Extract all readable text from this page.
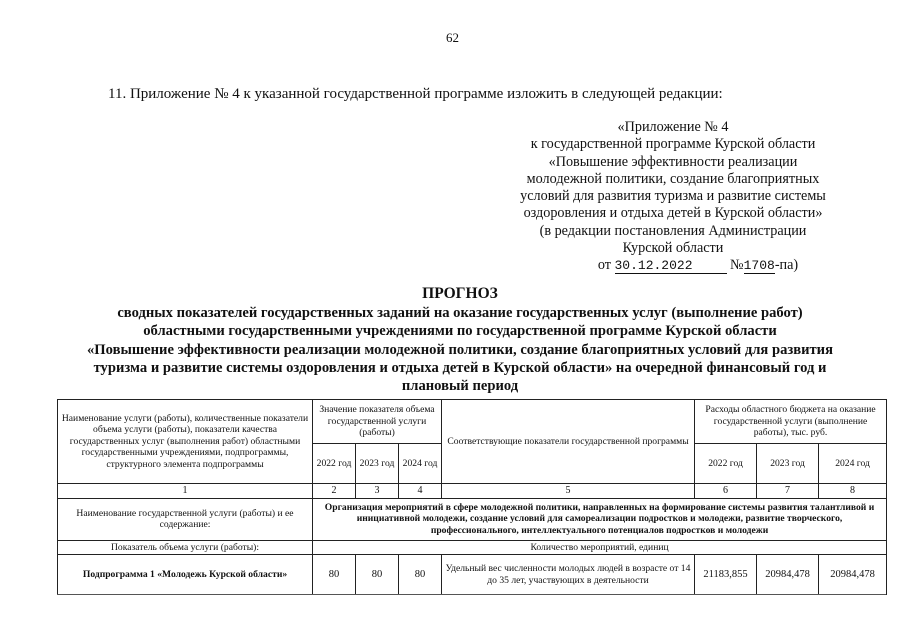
62
11. Приложение № 4 к указанной государственной программе изложить в следующей редакции:
«Приложение № 4
к государственной программе Курской области
«Повышение эффективности реализации
молодежной политики, создание благоприятных
условий для развития туризма и развитие системы
оздоровления и отдыха детей в Курской области»
(в редакции постановления Администрации
Курской области
от 30.12.2022	№1708-па)
ПРОГНОЗ
сводных показателей государственных заданий на оказание государственных услуг (выполнение работ)
областными государственными учреждениями по государственной программе Курской области
«Повышение эффективности реализации молодежной политики, создание благоприятных условий для развития
туризма и развитие системы оздоровления и отдыха детей в Курской области» на очередной финансовый год и
плановый период
Наименование услуги (работы), количественные показатели объема услуги (работы), показатели качества государственных услуг (выполнения работ) областными государственными учреждениями, подпрограммы, структурного элемента подпрограммы	Значение показателя объема государственной услуги (работы)			Соответствующие показатели государственной программы	Расходы областного бюджета на оказание государственной услуги (выполнение работы), тыс. руб.		
	2022 год	2023 год	2024 год		2022 год	2023 год	2024 год
1	2	3	4	5	6	7	8
Наименование государственной услуги (работы) и ее содержание:	Организация мероприятий в сфере молодежной политики, направленных на формирование системы развития талантливой и инициативной молодежи, создание условий для самореализации подростков и молодежи, развитие творческого, профессионального, интеллектуального потенциалов подростков и молодежи						
Показатель объема услуги (работы):	Количество мероприятий, единиц						
Подпрограмма 1 «Молодежь Курской области»	80	80	80	Удельный вес численности молодых людей в возрасте от 14 до 35 лет, участвующих в деятельности	21183,855	20984,478	20984,478
